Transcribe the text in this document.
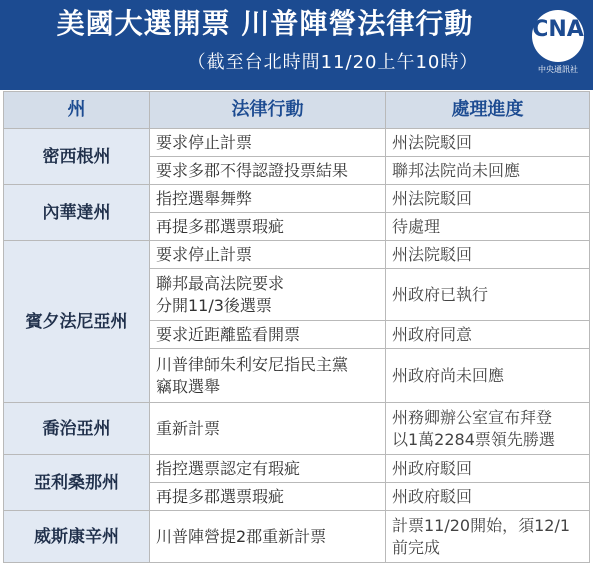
美國大選開票 川普陣營法律行動
（截至台北時間11/20上午10時）
CNA
中央通訊社
州	法律行動	處理進度
密西根州	要求停止計票	州法院駁回
	要求多郡不得認證投票結果	聯邦法院尚未回應
內華達州	指控選舉舞弊	州法院駁回
	再提多郡選票瑕疵	待處理
賓夕法尼亞州	要求停止計票	州法院駁回
	聯邦最高法院要求
分開11/3後選票	州政府已執行
	要求近距離監看開票	州政府同意
	川普律師朱利安尼指民主黨
竊取選舉	州政府尚未回應
喬治亞州	重新計票	州務卿辦公室宣布拜登
以1萬2284票領先勝選
亞利桑那州	指控選票認定有瑕疵	州政府駁回
	再提多郡選票瑕疵	州政府駁回
威斯康辛州	川普陣營提2郡重新計票	計票11/20開始，須12/1
前完成
